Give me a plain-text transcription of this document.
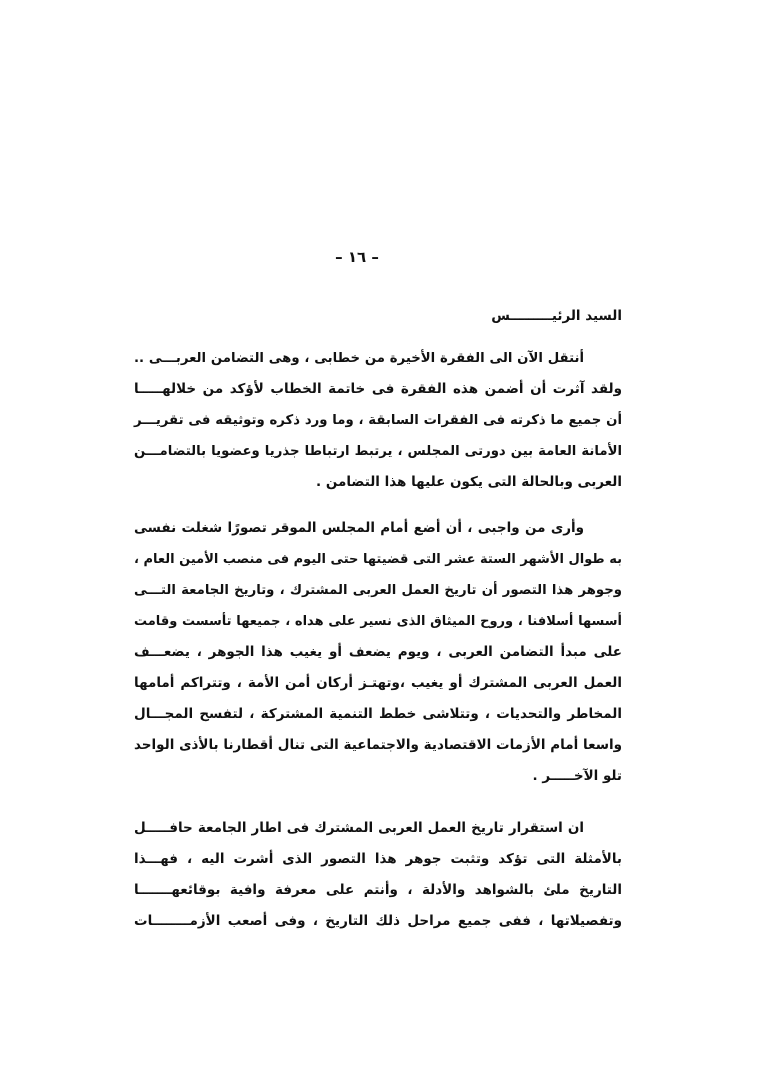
– ١٦ –
السيد الرئيـــــــــس
أنتقل الآن الى الفقرة الأخيرة من خطابى ، وهى التضامن العربـــى ..
ولقد آثرت أن أضمن هذه الفقرة فى خاتمة الخطاب لأؤكد من خلالهـــــا
أن جميع ما ذكرته فى الفقرات السابقة ، وما ورد ذكره وتوثيقه فى تقريـــر
الأمانة العامة بين دورتى المجلس ، يرتبط ارتباطا جذريا وعضويا بالتضامـــن
العربى وبالحالة التى يكون عليها هذا التضامن .
وأرى من واجبى ، أن أضع أمام المجلس الموقر تصورًا شغلت نفسى
به طوال الأشهر الستة عشر التى قضيتها حتى اليوم فى منصب الأمين العام ،
وجوهر هذا التصور أن تاريخ العمل العربى المشترك ، وتاريخ الجامعة التـــى
أسسها أسلافنا ، وروح الميثاق الذى نسير على هداه ، جميعها تأسست وقامت
على مبدأ التضامن العربى ، ويوم يضعف أو يغيب هذا الجوهر ، يضعـــف
العمل العربى المشترك أو يغيب ،وتهتـز أركان أمن الأمة ، وتتراكم أمامها
المخاطر والتحديات ، وتتلاشى خطط التنمية المشتركة ، لتفسح المجـــال
واسعا أمام الأزمات الاقتصادية والاجتماعية التى تنال أقطارنا بالأذى الواحد
تلو الآخـــــر .
ان استقرار تاريخ العمل العربى المشترك فى اطار الجامعة حافـــــل
بالأمثلة التى تؤكد وتثبت جوهر هذا التصور الذى أشرت اليه ، فهـــذا
التاريخ ملئ بالشواهد والأدلة ، وأنتم على معرفة وافية بوقائعهـــــــا
وتفصيلاتها ، ففى جميع مراحل ذلك التاريخ ، وفى أصعب الأزمــــــــات
